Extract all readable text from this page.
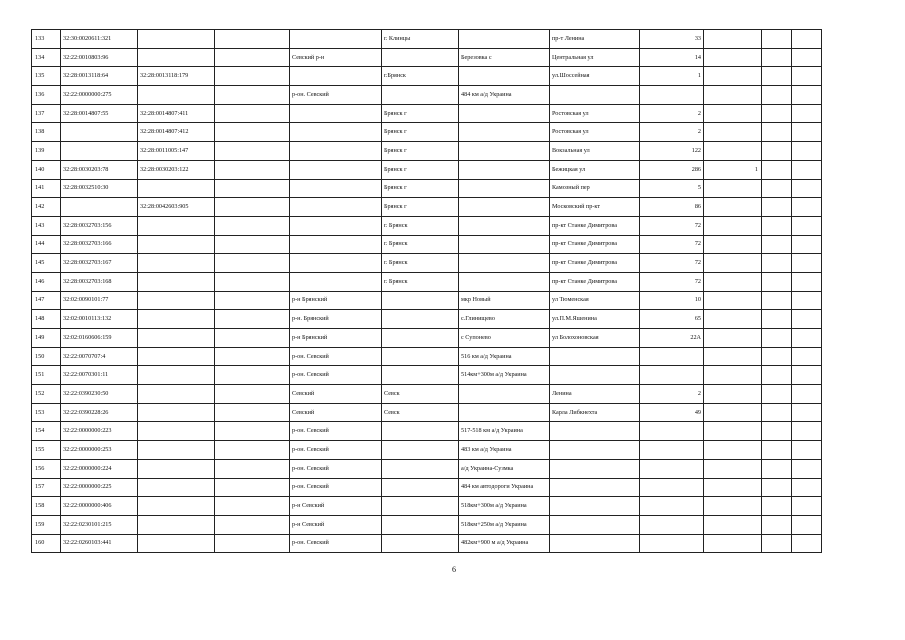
133	32:30:0020611:321				г. Клинцы		пр-т Ленина	33			
134	32:22:0010803:96			Севский р-н		Березовка с	Центральная ул	14			
135	32:28:0013118:64	32:28:0013118:179			г.Брянск		ул.Шоссейная	1			
136	32:22:0000000:275			р-он. Севский		484 км а/д Украина					
137	32:28:0014807:55	32:28:0014807:411			Брянск г		Ростовская ул	2			
138		32:28:0014807:412			Брянск г		Ростовская ул	2			
139		32:28:0011005:147			Брянск г		Вокзальная ул	122			
140	32:28:0030203:78	32:28:0030203:122			Брянск г		Бежицкая ул	286	1		
141	32:28:0032510:30				Брянск г		Камозный пер	5			
142		32:28:0042603:905			Брянск г		Московский пр-кт	86			
143	32:28:0032703:156				г. Брянск		пр-кт Станке Димитрова	72			
144	32:28:0032703:166				г. Брянск		пр-кт Станке Димитрова	72			
145	32:28:0032703:167				г. Брянск		пр-кт Станке Димитрова	72			
146	32:28:0032703:168				г. Брянск		пр-кт Станке Димитрова	72			
147	32:02:0090101:77			р-н Брянский		мкр Новый	ул Тюменская	10			
148	32:02:0010113:132			р-н. Брянский		с.Глинищево	ул.П.М.Яшенина	65			
149	32:02:0160606:159			р-н Брянский		с Супонево	ул Болохоновская	22А			
150	32:22:0070707:4			р-он. Севский		516 км а/д Украина					
151	32:22:0070301:11			р-он. Севский		514км+300м а/д Украина					
152	32:22:0390230:50			Севский	Севск		Ленина	2			
153	32:22:0390228:26			Севский	Севск		Карла Либкнехта	49			
154	32:22:0000000:223			р-он. Севский		517-518 км а/д Украина					
155	32:22:0000000:253			р-он. Севский		483 км а/д Украина					
156	32:22:0000000:224			р-он. Севский		а/д Украина-Сузмка					
157	32:22:0000000:225			р-он. Севский		484 км автодороги Украина					
158	32:22:0000000:406			р-н Севский		518км+300м а/д Украина					
159	32:22:0230101:215			р-н Севский		518км+250м а/д Украина					
160	32:22:0260103:441			р-он. Севский		482км+900 м а/д Украина					
6
